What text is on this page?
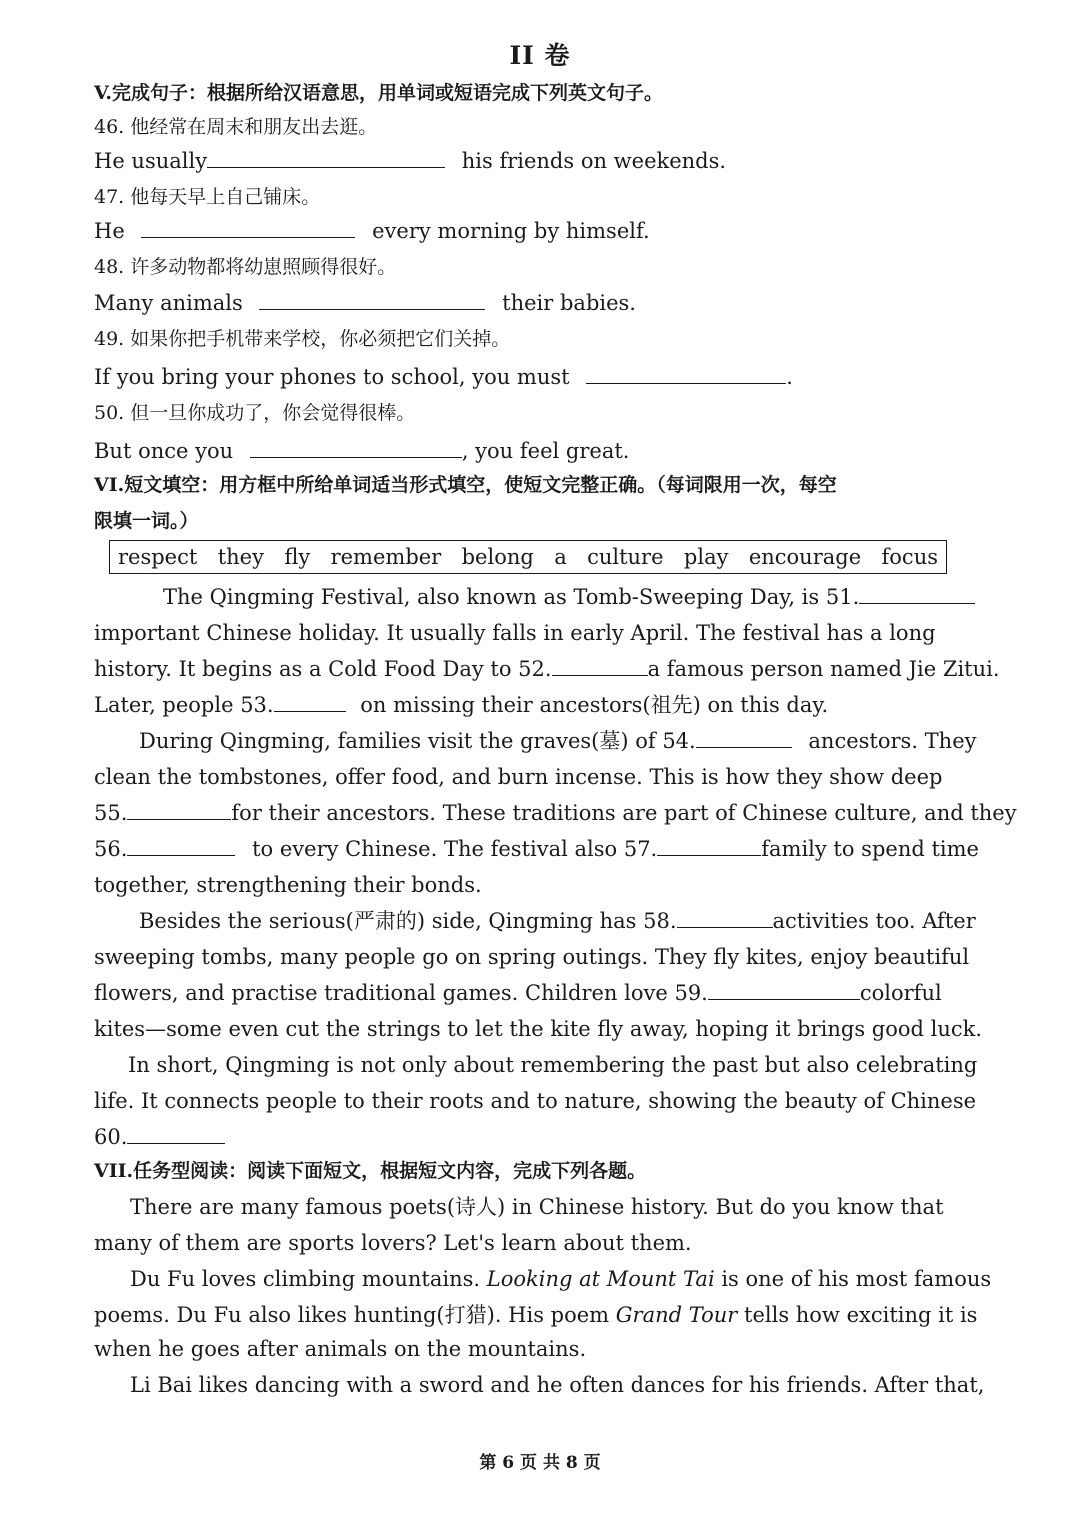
II 卷
V.完成句子：根据所给汉语意思，用单词或短语完成下列英文句子。
46. 他经常在周末和朋友出去逛。
He usually	his friends on weekends.
47. 他每天早上自己铺床。
He	every morning by himself.
48. 许多动物都将幼崽照顾得很好。
Many animals	their babies.
49. 如果你把手机带来学校，你必须把它们关掉。
If you bring your phones to school, you must	.
50. 但一旦你成功了，你会觉得很棒。
But once you	, you feel great.
VI.短文填空：用方框中所给单词适当形式填空，使短文完整正确。（每词限用一次，每空
限填一词。）
respect they fly remember belong a culture play encourage focus
The Qingming Festival, also known as Tomb-Sweeping Day, is 51.
important Chinese holiday. It usually falls in early April. The festival has a long
history. It begins as a Cold Food Day to 52.	a famous person named Jie Zitui.
Later, people 53.	on missing their ancestors(祖先) on this day.
During Qingming, families visit the graves(墓) of 54.	ancestors. They
clean the tombstones, offer food, and burn incense. This is how they show deep
55.	for their ancestors. These traditions are part of Chinese culture, and they
56.	to every Chinese. The festival also 57.	family to spend time
together, strengthening their bonds.
Besides the serious(严肃的) side, Qingming has 58.	activities too. After
sweeping tombs, many people go on spring outings. They fly kites, enjoy beautiful
flowers, and practise traditional games. Children love 59.	colorful
kites—some even cut the strings to let the kite fly away, hoping it brings good luck.
In short, Qingming is not only about remembering the past but also celebrating
life. It connects people to their roots and to nature, showing the beauty of Chinese
60.
VII.任务型阅读：阅读下面短文，根据短文内容，完成下列各题。
There are many famous poets(诗人) in Chinese history. But do you know that
many of them are sports lovers? Let's learn about them.
Du Fu loves climbing mountains. Looking at Mount Tai is one of his most famous
poems. Du Fu also likes hunting(打猎). His poem Grand Tour tells how exciting it is
when he goes after animals on the mountains.
Li Bai likes dancing with a sword and he often dances for his friends. After that,
第 6 页 共 8 页
